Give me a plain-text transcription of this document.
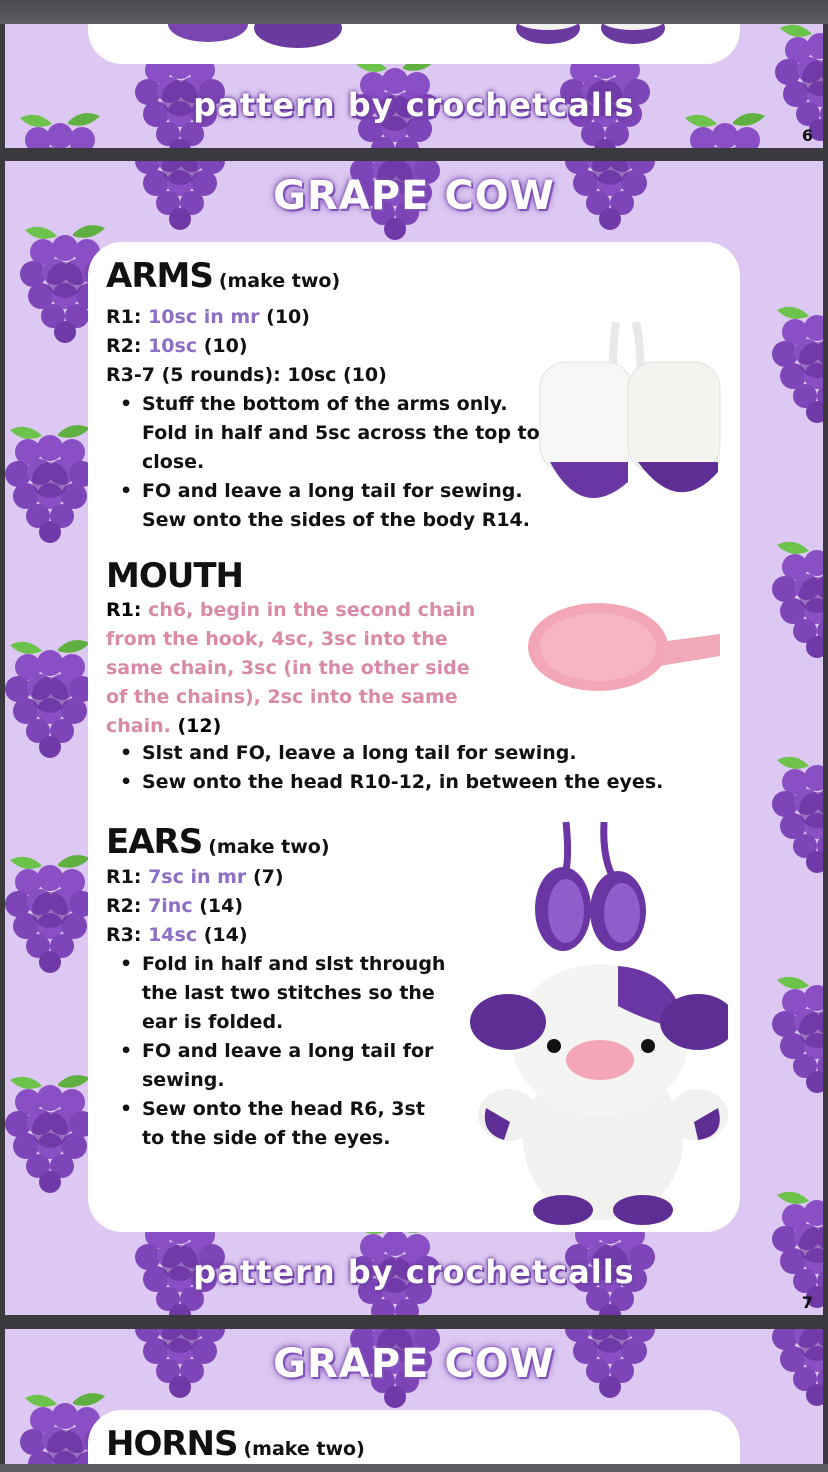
pattern by crochetcalls
6
GRAPE COW
ARMS (make two)
R1: 10sc in mr (10)
R2: 10sc (10)
R3-7 (5 rounds): 10sc (10)
• Stuff the bottom of the arms only.
Fold in half and 5sc across the top to
close.
• FO and leave a long tail for sewing.
Sew onto the sides of the body R14.
MOUTH
R1: ch6, begin in the second chain
from the hook, 4sc, 3sc into the
same chain, 3sc (in the other side
of the chains), 2sc into the same
chain. (12)
• Slst and FO, leave a long tail for sewing.
• Sew onto the head R10-12, in between the eyes.
EARS (make two)
R1: 7sc in mr (7)
R2: 7inc (14)
R3: 14sc (14)
• Fold in half and slst through
the last two stitches so the
ear is folded.
• FO and leave a long tail for
sewing.
• Sew onto the head R6, 3st
to the side of the eyes.
pattern by crochetcalls
7
GRAPE COW
HORNS (make two)
